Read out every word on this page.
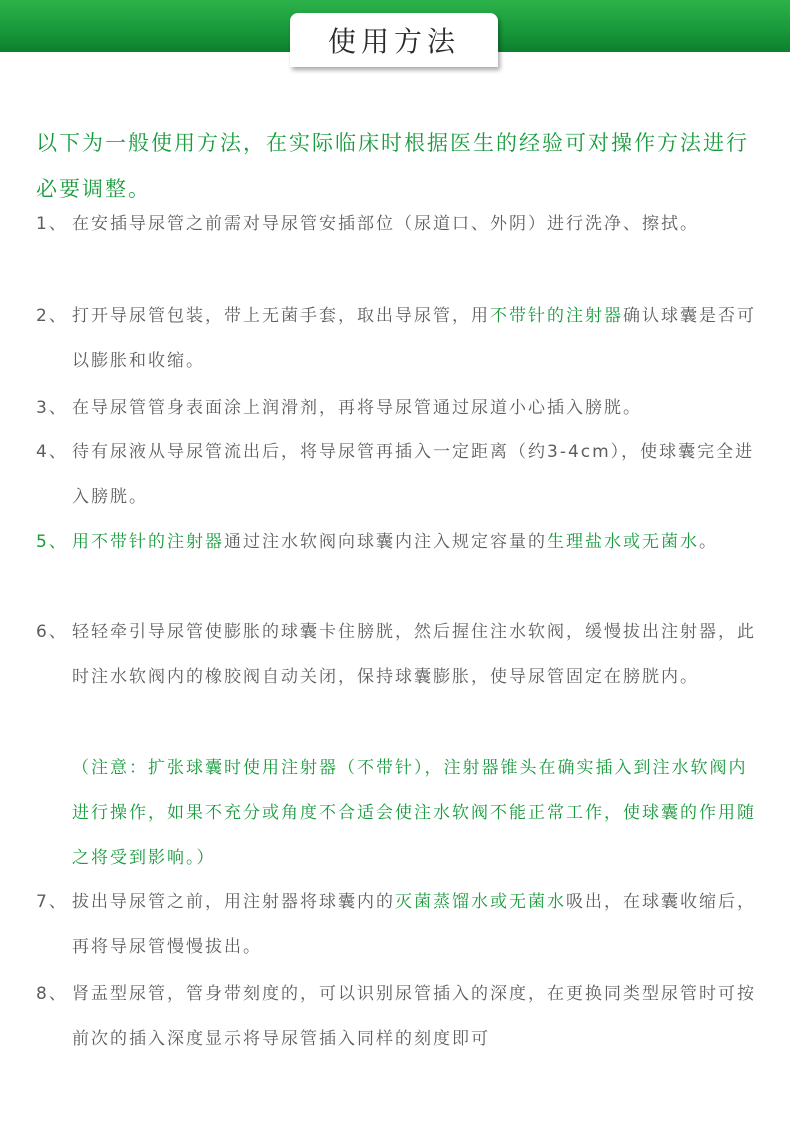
使用方法
以下为一般使用方法，在实际临床时根据医生的经验可对操作方法进行必要调整。
1、 在安插导尿管之前需对导尿管安插部位（尿道口、外阴）进行洗净、擦拭。
2、 打开导尿管包装，带上无菌手套，取出导尿管，用不带针的注射器确认球囊是否可以膨胀和收缩。
3、 在导尿管管身表面涂上润滑剂，再将导尿管通过尿道小心插入膀胱。
4、 待有尿液从导尿管流出后，将导尿管再插入一定距离（约3-4cm），使球囊完全进入膀胱。
5、 用不带针的注射器通过注水软阀向球囊内注入规定容量的生理盐水或无菌水。
6、 轻轻牵引导尿管使膨胀的球囊卡住膀胱，然后握住注水软阀，缓慢拔出注射器，此时注水软阀内的橡胶阀自动关闭，保持球囊膨胀，使导尿管固定在膀胱内。
（注意：扩张球囊时使用注射器（不带针），注射器锥头在确实插入到注水软阀内进行操作，如果不充分或角度不合适会使注水软阀不能正常工作，使球囊的作用随之将受到影响。）
7、 拔出导尿管之前，用注射器将球囊内的灭菌蒸馏水或无菌水吸出，在球囊收缩后，再将导尿管慢慢拔出。
8、 肾盂型尿管，管身带刻度的，可以识别尿管插入的深度，在更换同类型尿管时可按前次的插入深度显示将导尿管插入同样的刻度即可
